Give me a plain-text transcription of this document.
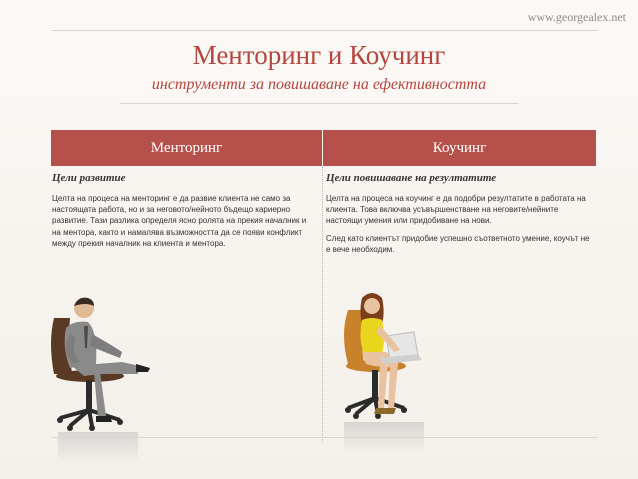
www.georgealex.net
Менторинг и Коучинг
инструменти за повишаване на ефективността
Менторинг	Коучинг
Цели развитие

Целта на процеса на менторинг е да развие клиента не само за настоящата работа, но и за неговото/нейното бъдещо кариерно развитие. Тази разлика определя ясно ролята на прекия началник и на ментора, както и намалява възможността да се появи конфликт между прекия началник на клиента и ментора.

Цели повишаване на резултатите

Целта на процеса на коучинг е да подобри резултатите в работата на клиента. Това включва усъвършенстване на неговите/нейните настоящи умения или придобиване на нови.

След като клиентът придобие успешно съответното умение, коучът не е вече необходим.
